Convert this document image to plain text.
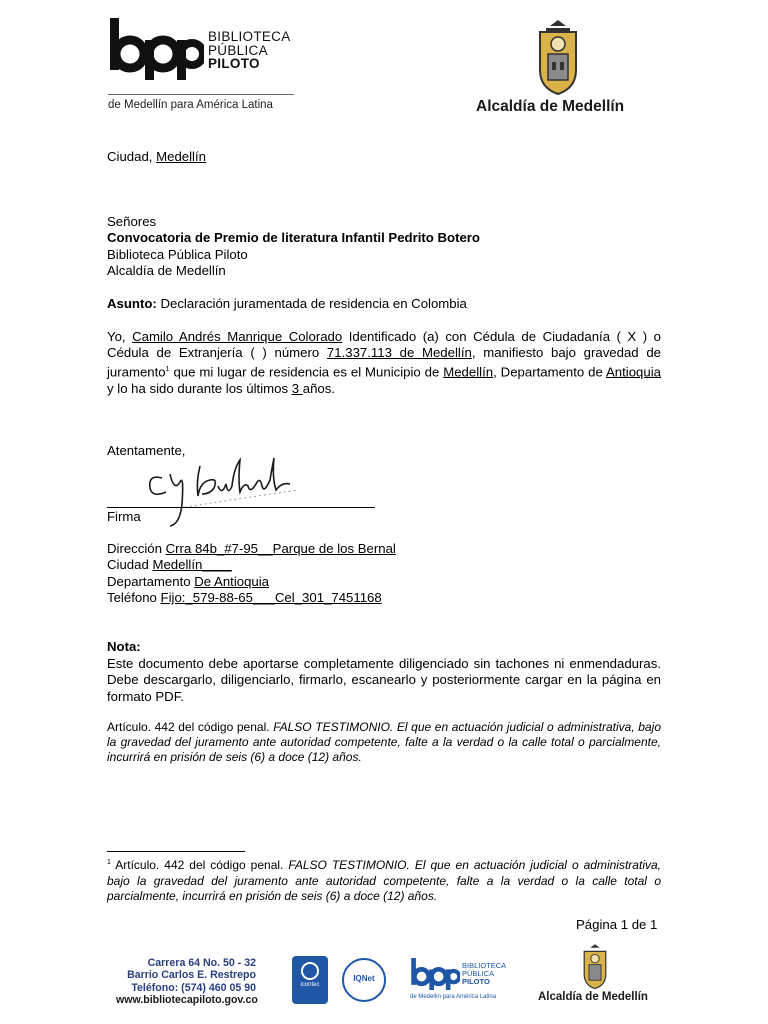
BIBLIOTECA
PÚBLICA
PILOTO
de Medellín para América Latina	Alcaldía de Medellín
Ciudad, Medellín
Señores
Convocatoria de Premio de literatura Infantil Pedrito Botero
Biblioteca Pública Piloto
Alcaldía de Medellín
Asunto: Declaración juramentada de residencia en Colombia
Yo, Camilo Andrés Manrique Colorado Identificado (a) con Cédula de Ciudadanía ( X ) o Cédula de Extranjería ( ) número 71.337.113 de Medellín, manifiesto bajo gravedad de juramento$^1$ que mi lugar de residencia es el Municipio de Medellín, Departamento de Antioquia y lo ha sido durante los últimos 3 años.
Atentamente,
Firma
Dirección Crra 84b_#7-95__Parque de los Bernal
Ciudad Medellín____
Departamento De Antioquia
Teléfono Fijo:_579-88-65___Cel_301_7451168
Nota:
Este documento debe aportarse completamente diligenciado sin tachones ni enmendaduras. Debe descargarlo, diligenciarlo, firmarlo, escanearlo y posteriormente cargar en la página en formato PDF.
Artículo. 442 del código penal. FALSO TESTIMONIO. El que en actuación judicial o administrativa, bajo la gravedad del juramento ante autoridad competente, falte a la verdad o la calle total o parcialmente, incurrirá en prisión de seis (6) a doce (12) años.
$^1$ Artículo. 442 del código penal. FALSO TESTIMONIO. El que en actuación judicial o administrativa, bajo la gravedad del juramento ante autoridad competente, falte a la verdad o la calle total o parcialmente, incurrirá en prisión de seis (6) a doce (12) años.
Página 1 de 1
Carrera 64 No. 50 - 32
Barrio Carlos E. Restrepo
Teléfono: (574) 460 05 90
www.bibliotecapiloto.gov.co
icontec
IQNet
BIBLIOTECA
PÚBLICA
PILOTO
de Medellín para América Latina	Alcaldía de Medellín
